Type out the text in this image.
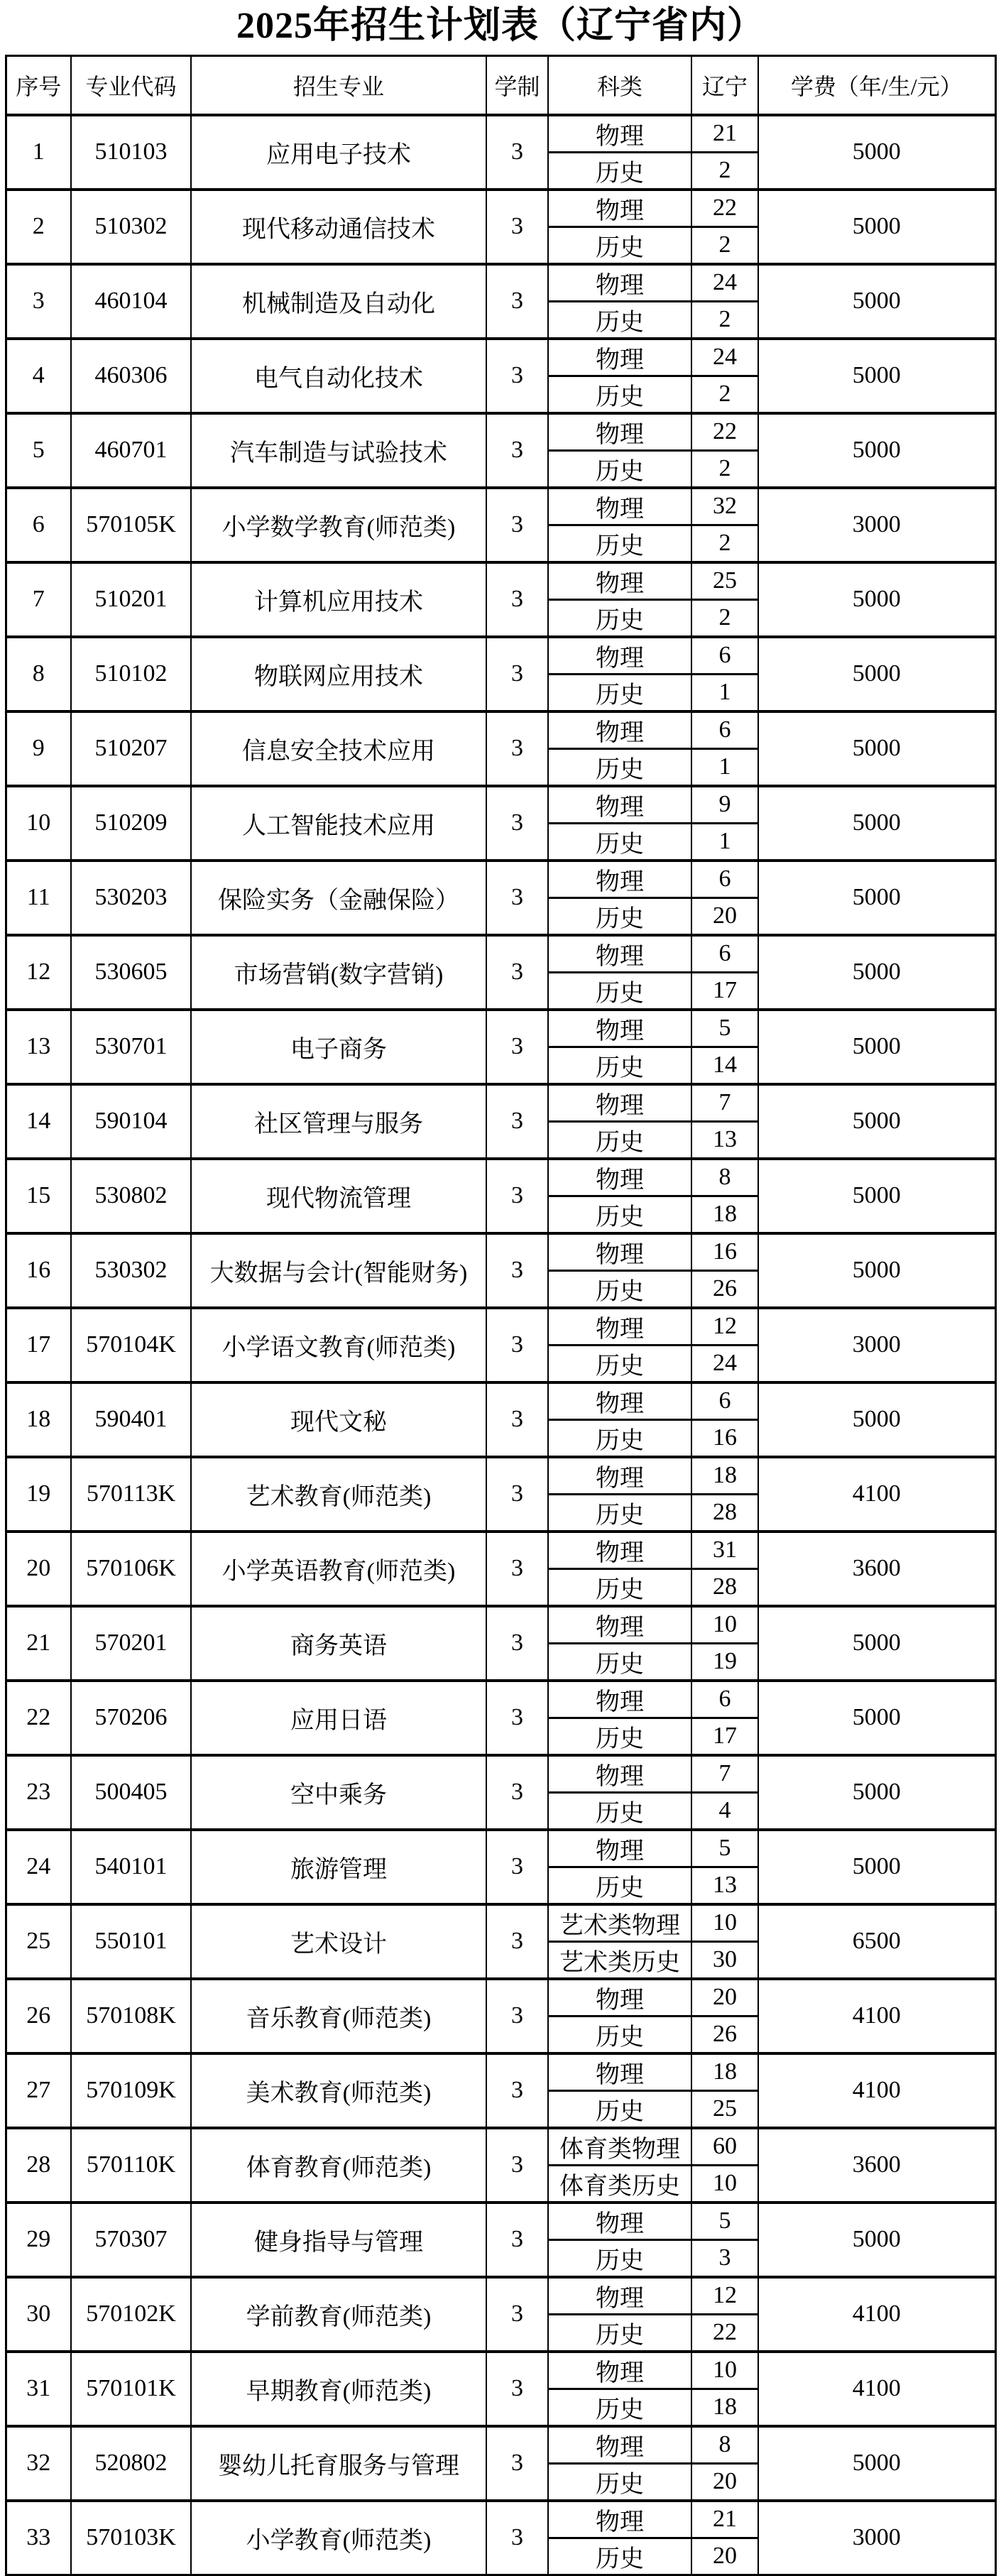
2025年招生计划表（辽宁省内）
序号	专业代码	招生专业	学制	科类	辽宁	学费（年/生/元）
1	510103	应用电子技术	3	物理	21	5000
				历史	2	
2	510302	现代移动通信技术	3	物理	22	5000
				历史	2	
3	460104	机械制造及自动化	3	物理	24	5000
				历史	2	
4	460306	电气自动化技术	3	物理	24	5000
				历史	2	
5	460701	汽车制造与试验技术	3	物理	22	5000
				历史	2	
6	570105K	小学数学教育(师范类)	3	物理	32	3000
				历史	2	
7	510201	计算机应用技术	3	物理	25	5000
				历史	2	
8	510102	物联网应用技术	3	物理	6	5000
				历史	1	
9	510207	信息安全技术应用	3	物理	6	5000
				历史	1	
10	510209	人工智能技术应用	3	物理	9	5000
				历史	1	
11	530203	保险实务（金融保险）	3	物理	6	5000
				历史	20	
12	530605	市场营销(数字营销)	3	物理	6	5000
				历史	17	
13	530701	电子商务	3	物理	5	5000
				历史	14	
14	590104	社区管理与服务	3	物理	7	5000
				历史	13	
15	530802	现代物流管理	3	物理	8	5000
				历史	18	
16	530302	大数据与会计(智能财务)	3	物理	16	5000
				历史	26	
17	570104K	小学语文教育(师范类)	3	物理	12	3000
				历史	24	
18	590401	现代文秘	3	物理	6	5000
				历史	16	
19	570113K	艺术教育(师范类)	3	物理	18	4100
				历史	28	
20	570106K	小学英语教育(师范类)	3	物理	31	3600
				历史	28	
21	570201	商务英语	3	物理	10	5000
				历史	19	
22	570206	应用日语	3	物理	6	5000
				历史	17	
23	500405	空中乘务	3	物理	7	5000
				历史	4	
24	540101	旅游管理	3	物理	5	5000
				历史	13	
25	550101	艺术设计	3	艺术类物理	10	6500
				艺术类历史	30	
26	570108K	音乐教育(师范类)	3	物理	20	4100
				历史	26	
27	570109K	美术教育(师范类)	3	物理	18	4100
				历史	25	
28	570110K	体育教育(师范类)	3	体育类物理	60	3600
				体育类历史	10	
29	570307	健身指导与管理	3	物理	5	5000
				历史	3	
30	570102K	学前教育(师范类)	3	物理	12	4100
				历史	22	
31	570101K	早期教育(师范类)	3	物理	10	4100
				历史	18	
32	520802	婴幼儿托育服务与管理	3	物理	8	5000
				历史	20	
33	570103K	小学教育(师范类)	3	物理	21	3000
				历史	20	
